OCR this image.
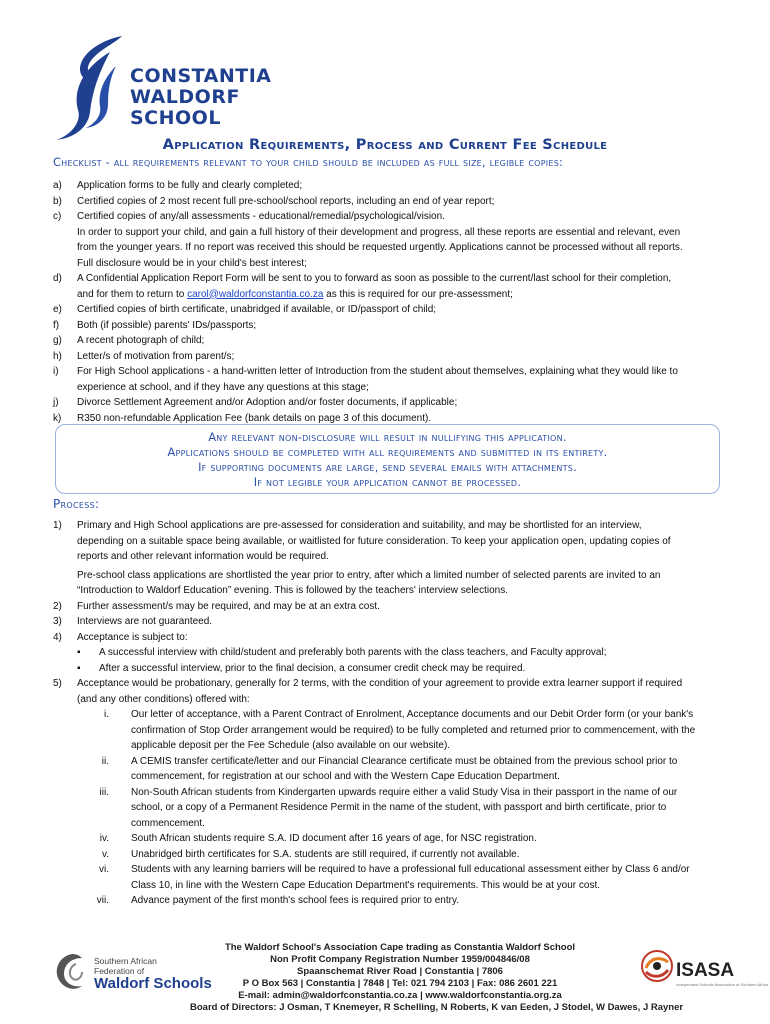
CONSTANTIA
WALDORF SCHOOL
Application Requirements, Process and Current Fee Schedule
Checklist - all requirements relevant to your child should be included as full size, legible copies:
a) Application forms to be fully and clearly completed;
b) Certified copies of 2 most recent full pre-school/school reports, including an end of year report;
c) Certified copies of any/all assessments - educational/remedial/psychological/vision.
In order to support your child, and gain a full history of their development and progress, all these reports are essential and relevant, even
from the younger years. If no report was received this should be requested urgently. Applications cannot be processed without all reports.
Full disclosure would be in your child's best interest;
d) A Confidential Application Report Form will be sent to you to forward as soon as possible to the current/last school for their completion,
and for them to return to carol@waldorfconstantia.co.za as this is required for our pre-assessment;
e) Certified copies of birth certificate, unabridged if available, or ID/passport of child;
f) Both (if possible) parents' IDs/passports;
g) A recent photograph of child;
h) Letter/s of motivation from parent/s;
i) For High School applications - a hand-written letter of Introduction from the student about themselves, explaining what they would like to
experience at school, and if they have any questions at this stage;
j) Divorce Settlement Agreement and/or Adoption and/or foster documents, if applicable;
k) R350 non-refundable Application Fee (bank details on page 3 of this document).
Any relevant non-disclosure will result in nullifying this application.
Applications should be completed with all requirements and submitted in its entirety.
If supporting documents are large, send several emails with attachments.
If not legible your application cannot be processed.
Process:
1) Primary and High School applications are pre-assessed for consideration and suitability, and may be shortlisted for an interview,
depending on a suitable space being available, or waitlisted for future consideration. To keep your application open, updating copies of
reports and other relevant information would be required.
Pre-school class applications are shortlisted the year prior to entry, after which a limited number of selected parents are invited to an
“Introduction to Waldorf Education” evening. This is followed by the teachers' interview selections.
2) Further assessment/s may be required, and may be at an extra cost.
3) Interviews are not guaranteed.
4) Acceptance is subject to:
▪ A successful interview with child/student and preferably both parents with the class teachers, and Faculty approval;
▪ After a successful interview, prior to the final decision, a consumer credit check may be required.
5) Acceptance would be probationary, generally for 2 terms, with the condition of your agreement to provide extra learner support if required
(and any other conditions) offered with:
i. Our letter of acceptance, with a Parent Contract of Enrolment, Acceptance documents and our Debit Order form (or your bank's
confirmation of Stop Order arrangement would be required) to be fully completed and returned prior to commencement, with the
applicable deposit per the Fee Schedule (also available on our website).
ii. A CEMIS transfer certificate/letter and our Financial Clearance certificate must be obtained from the previous school prior to
commencement, for registration at our school and with the Western Cape Education Department.
iii. Non-South African students from Kindergarten upwards require either a valid Study Visa in their passport in the name of our
school, or a copy of a Permanent Residence Permit in the name of the student, with passport and birth certificate, prior to
commencement.
iv. South African students require S.A. ID document after 16 years of age, for NSC registration.
v. Unabridged birth certificates for S.A. students are still required, if currently not available.
vi. Students with any learning barriers will be required to have a professional full educational assessment either by Class 6 and/or
Class 10, in line with the Western Cape Education Department's requirements. This would be at your cost.
vii. Advance payment of the first month's school fees is required prior to entry.
Southern African
Federation of
Waldorf Schools
The Waldorf School's Association Cape trading as Constantia Waldorf School
Non Profit Company Registration Number 1959/004846/08
Spaanschemat River Road | Constantia | 7806
P O Box 563 | Constantia | 7848 | Tel: 021 794 2103 | Fax: 086 2601 221
E-mail: admin@waldorfconstantia.co.za | www.waldorfconstantia.org.za
Board of Directors: J Osman, T Knemeyer, R Schelling, N Roberts, K van Eeden, J Stodel, W Dawes, J Rayner
ISASA
Independent Schools Association of Southern Africa
